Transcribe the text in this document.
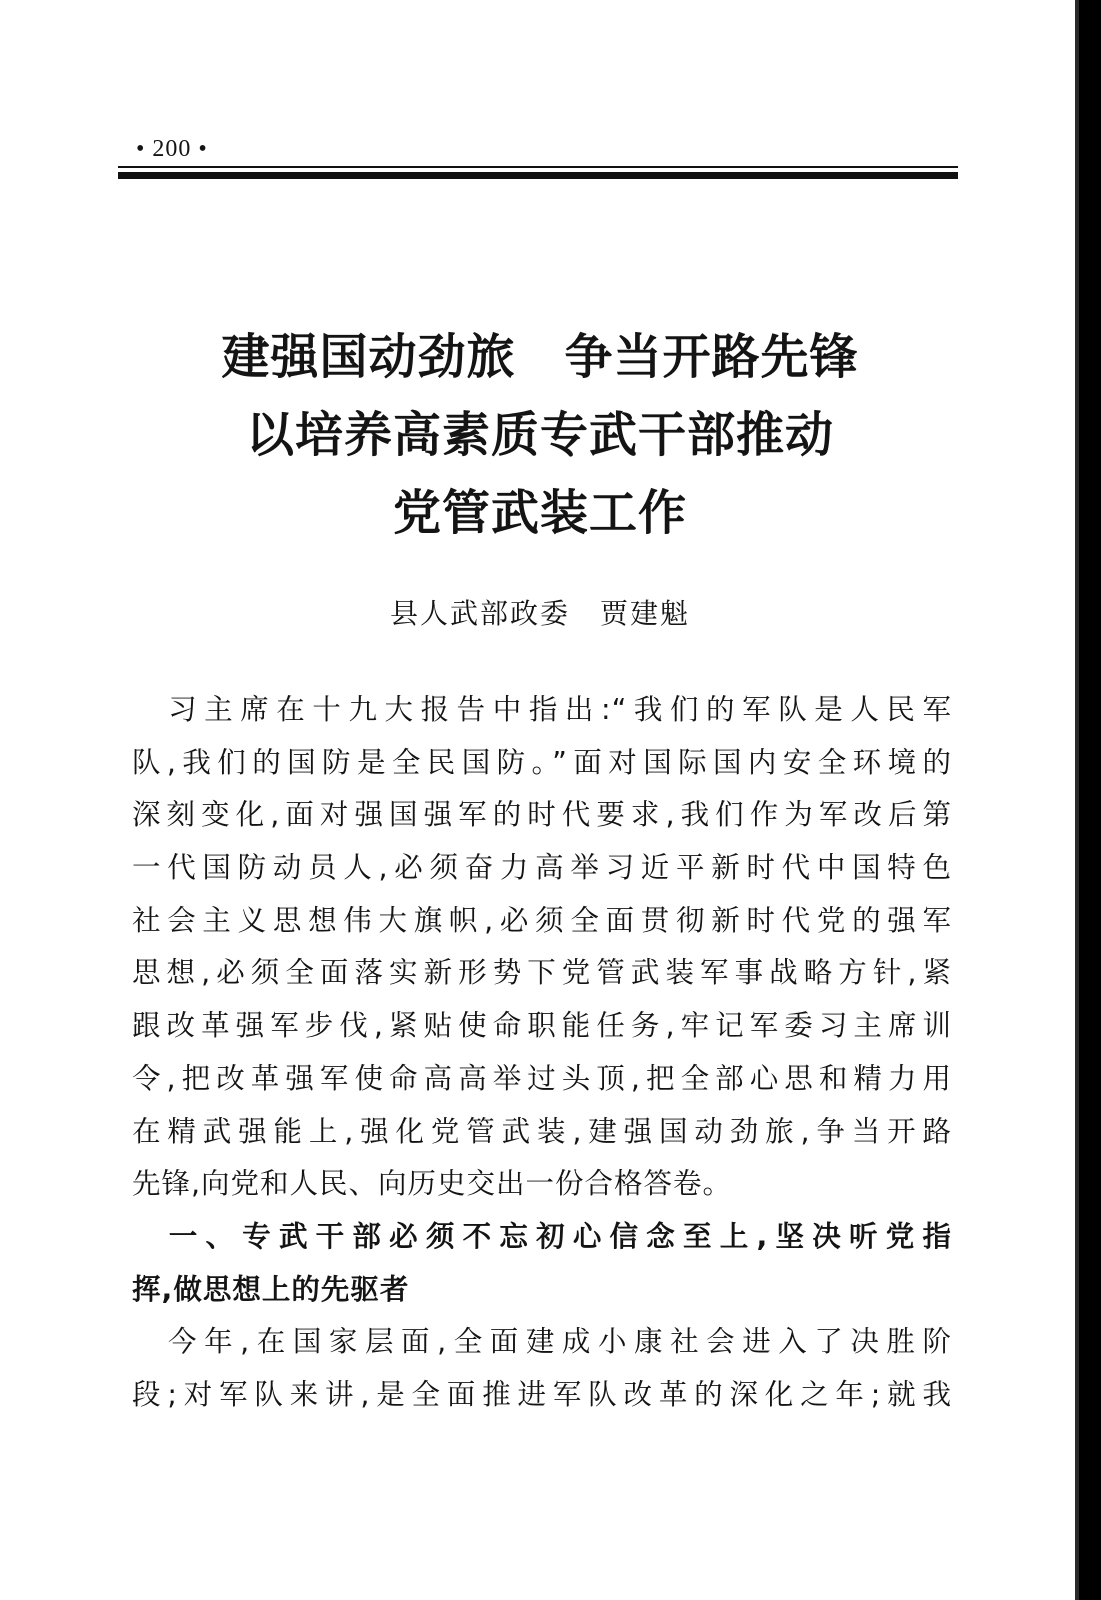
• 200 •
建强国动劲旅　争当开路先锋
以培养高素质专武干部推动
党管武装工作
县人武部政委　贾建魁
　习主席在十九大报告中指出:“我们的军队是人民军
队,我们的国防是全民国防。”面对国际国内安全环境的
深刻变化,面对强国强军的时代要求,我们作为军改后第
一代国防动员人,必须奋力高举习近平新时代中国特色
社会主义思想伟大旗帜,必须全面贯彻新时代党的强军
思想,必须全面落实新形势下党管武装军事战略方针,紧
跟改革强军步伐,紧贴使命职能任务,牢记军委习主席训
令,把改革强军使命高高举过头顶,把全部心思和精力用
在精武强能上,强化党管武装,建强国动劲旅,争当开路
先锋,向党和人民、向历史交出一份合格答卷。
　一、专武干部必须不忘初心信念至上,坚决听党指
挥,做思想上的先驱者
　今年,在国家层面,全面建成小康社会进入了决胜阶
段;对军队来讲,是全面推进军队改革的深化之年;就我
